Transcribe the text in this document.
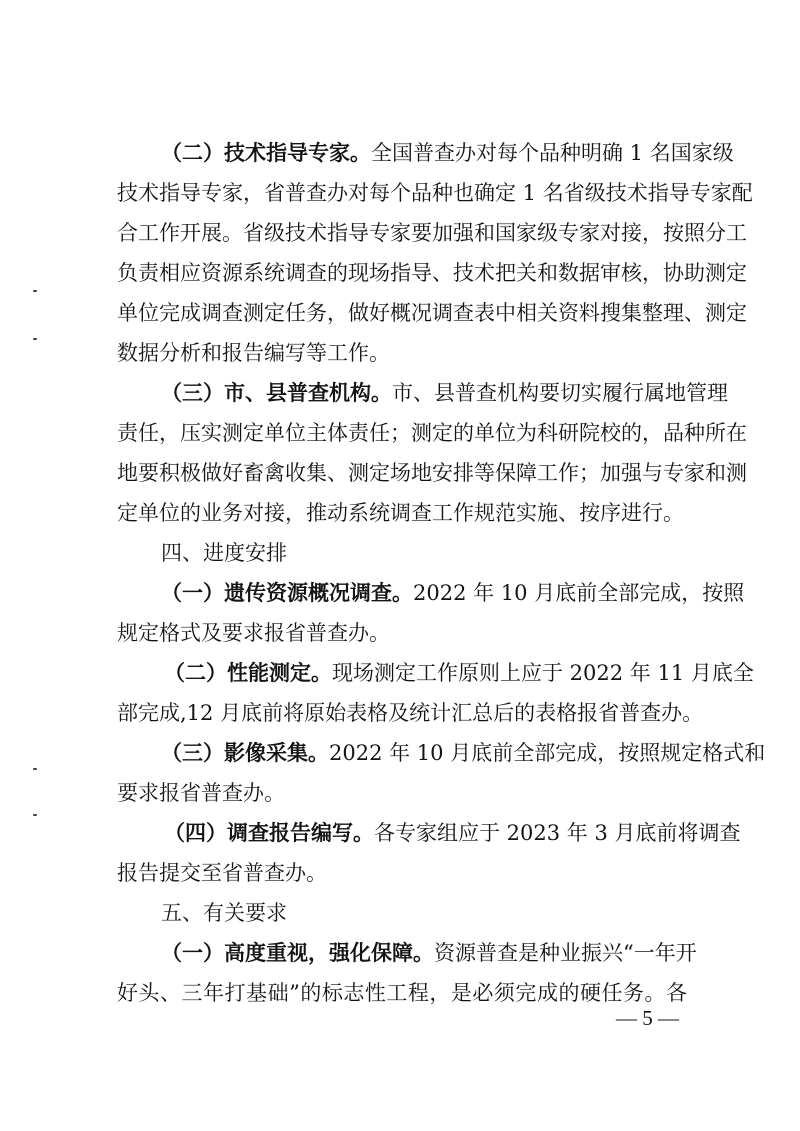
（二）技术指导专家。全国普查办对每个品种明确 1 名国家级
技术指导专家，省普查办对每个品种也确定 1 名省级技术指导专家配
合工作开展。省级技术指导专家要加强和国家级专家对接，按照分工
负责相应资源系统调查的现场指导、技术把关和数据审核，协助测定
单位完成调查测定任务，做好概况调查表中相关资料搜集整理、测定
数据分析和报告编写等工作。
（三）市、县普查机构。市、县普查机构要切实履行属地管理
责任，压实测定单位主体责任；测定的单位为科研院校的，品种所在
地要积极做好畜禽收集、测定场地安排等保障工作；加强与专家和测
定单位的业务对接，推动系统调查工作规范实施、按序进行。
四、进度安排
（一）遗传资源概况调查。2022 年 10 月底前全部完成，按照
规定格式及要求报省普查办。
（二）性能测定。现场测定工作原则上应于 2022 年 11 月底全
部完成,12 月底前将原始表格及统计汇总后的表格报省普查办。
（三）影像采集。2022 年 10 月底前全部完成，按照规定格式和
要求报省普查办。
（四）调查报告编写。各专家组应于 2023 年 3 月底前将调查
报告提交至省普查办。
五、有关要求
（一）高度重视，强化保障。资源普查是种业振兴“一年开
好头、三年打基础”的标志性工程，是必须完成的硬任务。各
— 5 —
